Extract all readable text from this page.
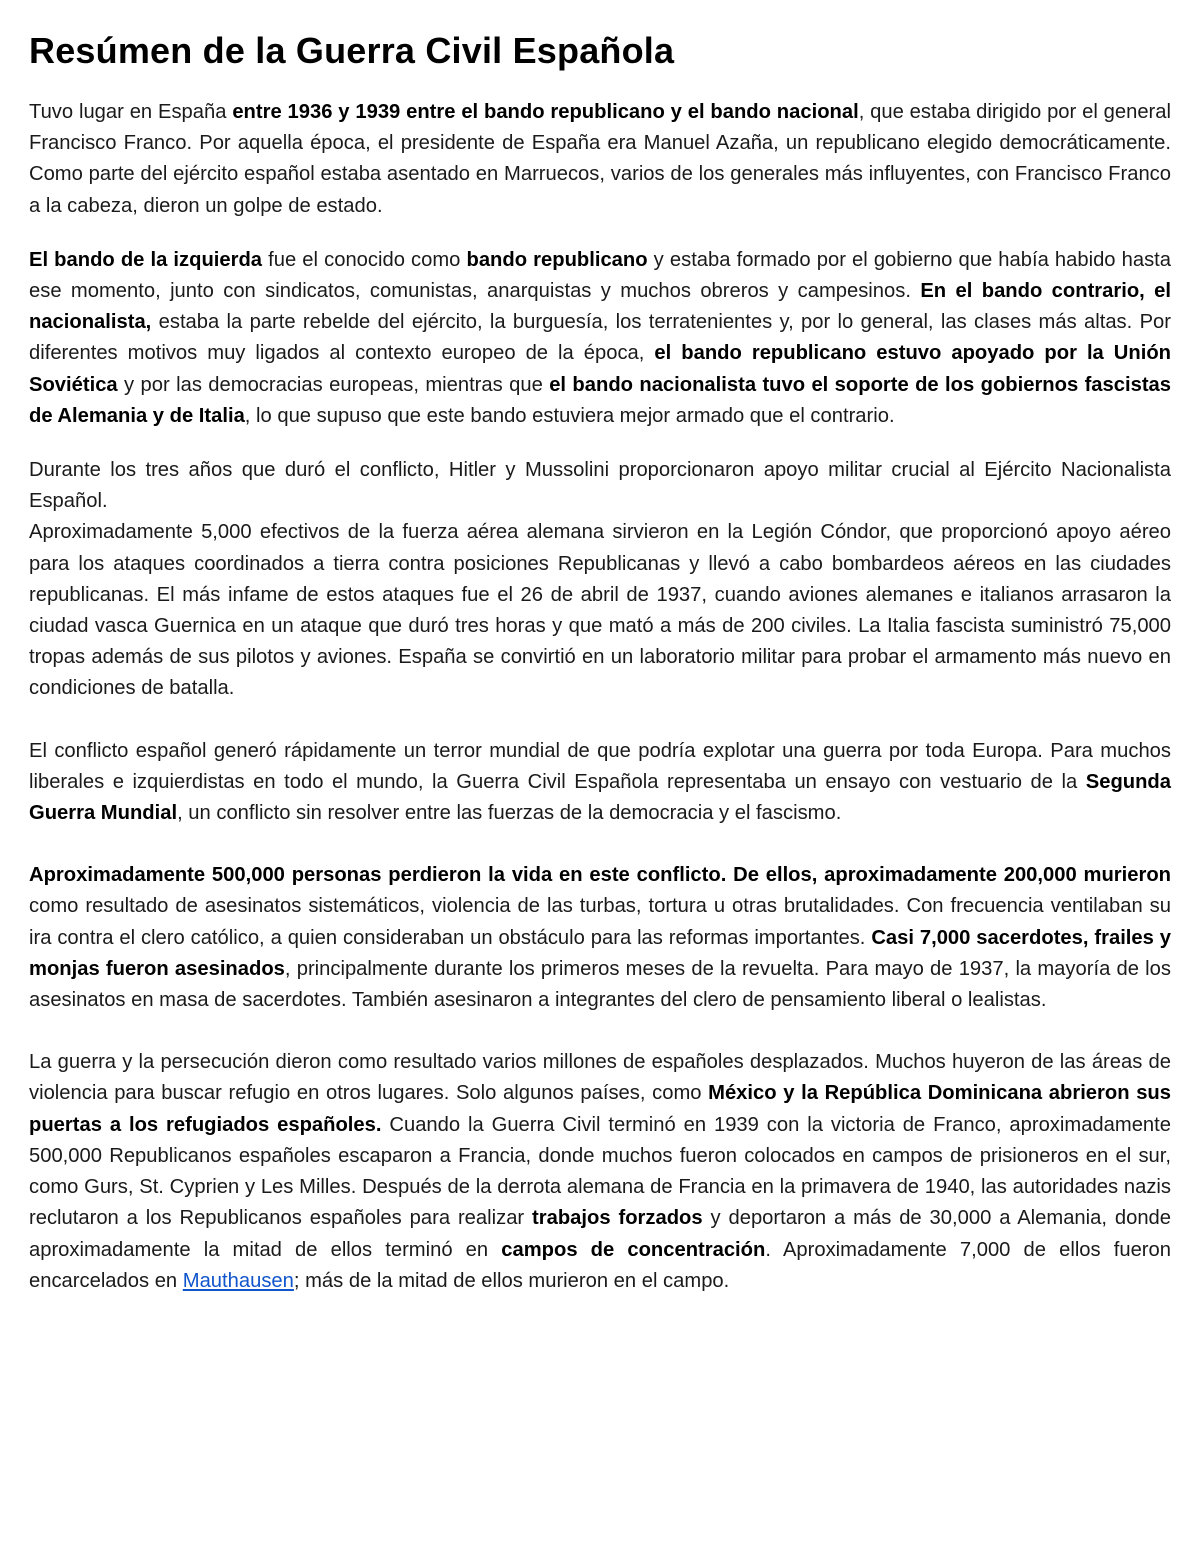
Resúmen de la Guerra Civil Española

Tuvo lugar en España entre 1936 y 1939 entre el bando republicano y el bando nacional, que estaba dirigido por el general Francisco Franco. Por aquella época, el presidente de España era Manuel Azaña, un republicano elegido democráticamente. Como parte del ejército español estaba asentado en Marruecos, varios de los generales más influyentes, con Francisco Franco a la cabeza, dieron un golpe de estado.

El bando de la izquierda fue el conocido como bando republicano y estaba formado por el gobierno que había habido hasta ese momento, junto con sindicatos, comunistas, anarquistas y muchos obreros y campesinos. En el bando contrario, el nacionalista, estaba la parte rebelde del ejército, la burguesía, los terratenientes y, por lo general, las clases más altas. Por diferentes motivos muy ligados al contexto europeo de la época, el bando republicano estuvo apoyado por la Unión Soviética y por las democracias europeas, mientras que el bando nacionalista tuvo el soporte de los gobiernos fascistas de Alemania y de Italia, lo que supuso que este bando estuviera mejor armado que el contrario.

Durante los tres años que duró el conflicto, Hitler y Mussolini proporcionaron apoyo militar crucial al Ejército Nacionalista Español.

Aproximadamente 5,000 efectivos de la fuerza aérea alemana sirvieron en la Legión Cóndor, que proporcionó apoyo aéreo para los ataques coordinados a tierra contra posiciones Republicanas y llevó a cabo bombardeos aéreos en las ciudades republicanas. El más infame de estos ataques fue el 26 de abril de 1937, cuando aviones alemanes e italianos arrasaron la ciudad vasca Guernica en un ataque que duró tres horas y que mató a más de 200 civiles. La Italia fascista suministró 75,000 tropas además de sus pilotos y aviones. España se convirtió en un laboratorio militar para probar el armamento más nuevo en condiciones de batalla.

El conflicto español generó rápidamente un terror mundial de que podría explotar una guerra por toda Europa. Para muchos liberales e izquierdistas en todo el mundo, la Guerra Civil Española representaba un ensayo con vestuario de la Segunda Guerra Mundial, un conflicto sin resolver entre las fuerzas de la democracia y el fascismo.

Aproximadamente 500,000 personas perdieron la vida en este conflicto. De ellos, aproximadamente 200,000 murieron como resultado de asesinatos sistemáticos, violencia de las turbas, tortura u otras brutalidades. Con frecuencia ventilaban su ira contra el clero católico, a quien consideraban un obstáculo para las reformas importantes. Casi 7,000 sacerdotes, frailes y monjas fueron asesinados, principalmente durante los primeros meses de la revuelta. Para mayo de 1937, la mayoría de los asesinatos en masa de sacerdotes. También asesinaron a integrantes del clero de pensamiento liberal o lealistas.

La guerra y la persecución dieron como resultado varios millones de españoles desplazados. Muchos huyeron de las áreas de violencia para buscar refugio en otros lugares. Solo algunos países, como México y la República Dominicana abrieron sus puertas a los refugiados españoles. Cuando la Guerra Civil terminó en 1939 con la victoria de Franco, aproximadamente 500,000 Republicanos españoles escaparon a Francia, donde muchos fueron colocados en campos de prisioneros en el sur, como Gurs, St. Cyprien y Les Milles. Después de la derrota alemana de Francia en la primavera de 1940, las autoridades nazis reclutaron a los Republicanos españoles para realizar trabajos forzados y deportaron a más de 30,000 a Alemania, donde aproximadamente la mitad de ellos terminó en campos de concentración. Aproximadamente 7,000 de ellos fueron encarcelados en Mauthausen; más de la mitad de ellos murieron en el campo.
